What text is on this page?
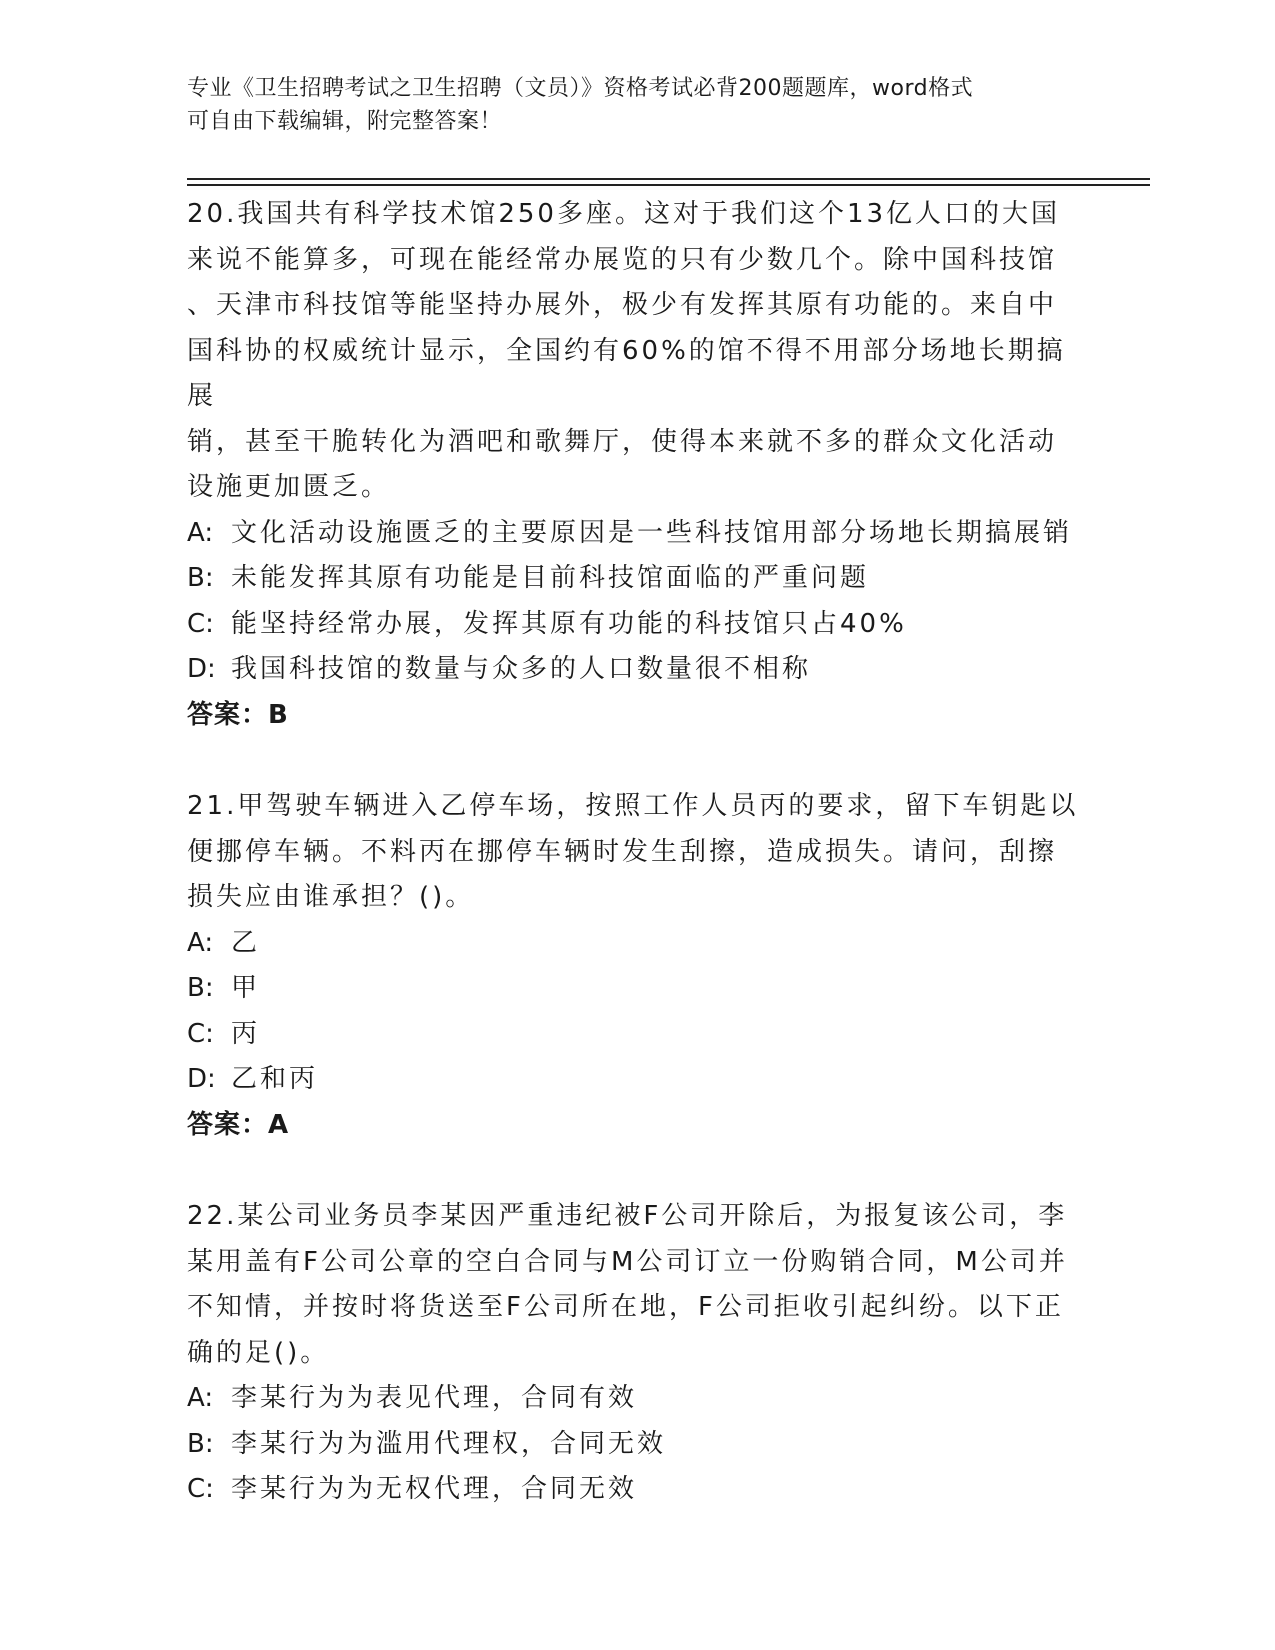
专业《卫生招聘考试之卫生招聘（文员）》资格考试必背200题题库，word格式
可自由下载编辑，附完整答案！
20.我国共有科学技术馆250多座。这对于我们这个13亿人口的大国
来说不能算多，可现在能经常办展览的只有少数几个。除中国科技馆
、天津市科技馆等能坚持办展外，极少有发挥其原有功能的。来自中
国科协的权威统计显示，全国约有60%的馆不得不用部分场地长期搞展
销，甚至干脆转化为酒吧和歌舞厅，使得本来就不多的群众文化活动
设施更加匮乏。
A: 文化活动设施匮乏的主要原因是一些科技馆用部分场地长期搞展销
B: 未能发挥其原有功能是目前科技馆面临的严重问题
C: 能坚持经常办展，发挥其原有功能的科技馆只占40%
D: 我国科技馆的数量与众多的人口数量很不相称
答案：B
21.甲驾驶车辆进入乙停车场，按照工作人员丙的要求，留下车钥匙以
便挪停车辆。不料丙在挪停车辆时发生刮擦，造成损失。请问，刮擦
损失应由谁承担？()。
A: 乙
B: 甲
C: 丙
D: 乙和丙
答案：A
22.某公司业务员李某因严重违纪被F公司开除后，为报复该公司，李
某用盖有F公司公章的空白合同与M公司订立一份购销合同，M公司并
不知情，并按时将货送至F公司所在地，F公司拒收引起纠纷。以下正
确的足()。
A: 李某行为为表见代理，合同有效
B: 李某行为为滥用代理权，合同无效
C: 李某行为为无权代理，合同无效
